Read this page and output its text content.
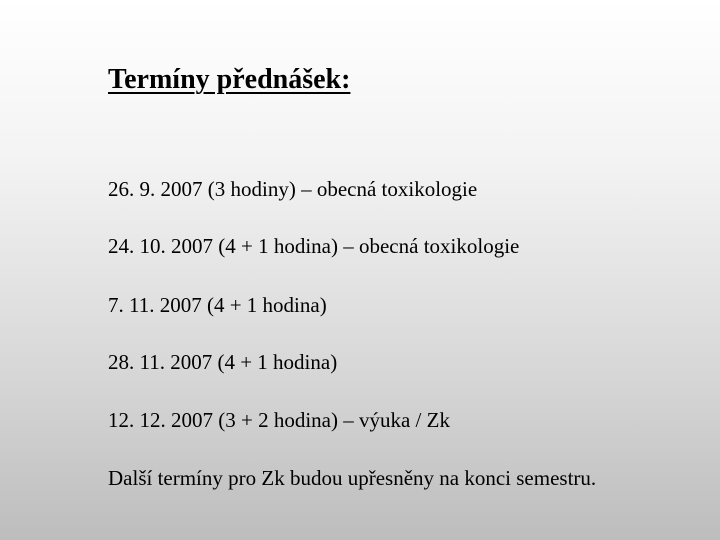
Termíny přednášek:

26. 9. 2007 (3 hodiny) – obecná toxikologie

24. 10. 2007 (4 + 1 hodina) – obecná toxikologie

7. 11. 2007 (4 + 1 hodina)

28. 11. 2007 (4 + 1 hodina)

12. 12. 2007 (3 + 2 hodina) – výuka / Zk

Další termíny pro Zk budou upřesněny na konci semestru.
